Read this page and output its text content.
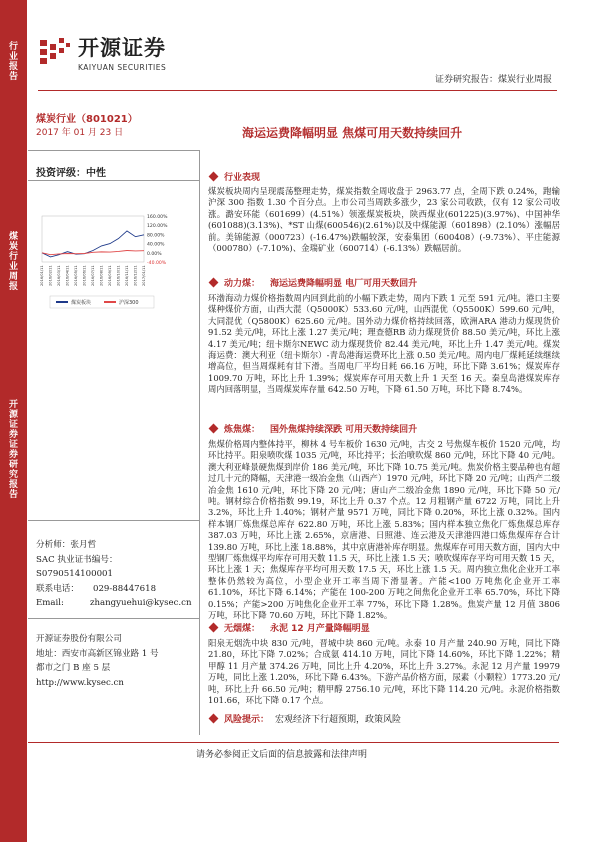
行业报告
煤炭行业周报
开源证券证券研究报告
开源证券
KAIYUAN SECURITIES
证券研究报告：煤炭行业周报
煤炭行业（801021）
2017 年 01 月 23 日	海运运费降幅明显 焦煤可用天数持续回升
投资评级：中性
-40.00%
0.00%
40.00%
80.00%
120.00%
160.00%
2016/01/11 2016/02/11 2016/03/11 2016/04/11 2016/05/11 2016/06/11 2016/07/11 2016/08/11 2016/09/11 2016/10/11 2016/11/11 2016/12/11 2017/01/11
煤炭板块	沪深300
分析师：张月哲
SAC 执业证书编号：
S0790514100001
联系电话： 029-88447618
Email:	zhangyuehui@kysec.cn
开源证券股份有限公司
地址：西安市高新区锦业路 1 号
都市之门 B 座 5 层
http://www.kysec.cn
行业表现
煤炭板块周内呈现震荡整理走势，煤炭指数全周收盘于 2963.77 点，全周下跌 0.24%，跑输沪深 300 指数 1.30 个百分点。上市公司当周跌多涨少，23 家公司收跌，仅有 12 家公司收涨。潞安环能（601699）(4.51%）领涨煤炭板块，陕西煤业(601225)(3.97%)、中国神华(601088)(3.13%)、*ST 山煤(600546)(2.61%)以及中煤能源（601898）(2.10%）涨幅居前。美锦能源（000723）(-16.47%)跌幅较深，安泰集团（600408）(-9.73%）、平庄能源（000780）(-7.10%)、金瑞矿业（600714）(-6.13%）跌幅居前。
动力煤： 海运运费降幅明显 电厂可用天数回升
环渤海动力煤价格指数周内回到此前的小幅下跌走势，周内下跌 1 元至 591 元/吨。港口主要煤种煤价方面，山西大混（Q5000K）533.60 元/吨，山西混优（Q5500K）599.60 元/吨，大同混优（Q5800K）625.60 元/吨。国外动力煤价格持续回落，欧洲ARA 港动力煤现货价 91.52 美元/吨，环比上涨 1.27 美元/吨；理查德RB 动力煤现货价 88.50 美元/吨，环比上涨 4.17 美元/吨；纽卡斯尔NEWC 动力煤现货价 82.44 美元/吨，环比上升 1.47 美元/吨。煤炭海运费：澳大利亚（纽卡斯尔）-青岛港海运费环比上涨 0.50 美元/吨。周内电厂煤耗延续继续增高位，但当周煤耗有甘下滑。当周电厂平均日耗 66.16 万吨，环比下降 3.61%；煤炭库存 1009.70 万吨，环比上升 1.39%；煤炭库存可用天数上升 1 天至 16 天。秦皇岛港煤炭库存周内回落明显，当周煤炭库存量 642.50 万吨，下降 61.50 万吨，环比下降 8.74%。
炼焦煤： 国外焦煤持续深跌 可用天数持续回升
焦煤价格周内整体持平，柳林 4 号车板价 1630 元/吨，古交 2 号焦煤车板价 1520 元/吨，均环比持平。阳泉喷吹煤 1035 元/吨，环比持平；长治喷吹煤 860 元/吨，环比下降 40 元/吨。澳大利亚峰景硬焦煤到岸价 186 美元/吨，环比下降 10.75 美元/吨。焦炭价格主要品种也有超过几十元的降幅，天津港一级冶金焦（山西产）1970 元/吨，环比下降 20 元/吨；山西产二级冶金焦 1610 元/吨，环比下降 20 元/吨；唐山产二级冶金焦 1890 元/吨，环比下降 50 元/吨。钢材综合价格指数 99.19，环比上升 0.37 个点。12 月粗钢产量 6722 万吨，同比上升 3.2%，环比上升 1.40%；钢材产量 9571 万吨，同比下降 0.20%，环比上涨 0.32%。国内样本钢厂炼焦煤总库存 622.80 万吨，环比上涨 5.83%；国内样本独立焦化厂炼焦煤总库存 387.03 万吨，环比上涨 2.65%，京唐港、日照港、连云港及天津港四港口炼焦煤库存合计 139.80 万吨，环比上涨 18.88%，其中京唐港补库存明显。焦煤库存可用天数方面，国内大中型钢厂炼焦煤平均库存可用天数 11.5 天，环比上涨 1.5 天；喷吹煤库存平均可用天数 15 天，环比上涨 1 天；焦煤库存平均可用天数 17.5 天，环比上涨 1.5 天。周内独立焦化企业开工率整体仍然较为高位，小型企业开工率当周下滑显著。产能<100 万吨焦化企业开工率 61.10%，环比下降 6.14%；产能在 100-200 万吨之间焦化企业开工率 65.70%，环比下降 0.15%；产能>200 万吨焦化企业开工率 77%，环比下降 1.28%。焦炭产量 12 月值 3806 万吨，环比下降 70.60 万吨，环比下降 1.82%。
无烟煤： 永泥 12 月产量降幅明显
阳泉无烟洗中块 830 元/吨，晋城中块 860 元/吨。永泰 10 月产量 240.90 万吨，同比下降 21.80，环比下降 7.02%；合成氨 414.10 万吨，同比下降 14.60%，环比下降 1.22%；精甲醇 11 月产量 374.26 万吨，同比上升 4.20%，环比上升 3.27%。永泥 12 月产量 19979 万吨，同比上涨 1.20%，环比下降 6.43%。下游产品价格方面，尿素（小颗粒）1773.20 元/吨，环比上升 66.50 元/吨；精甲醇 2756.10 元/吨，环比下降 114.20 元/吨。永泥价格指数 101.66，环比下降 0.17 个点。
风险提示： 宏观经济下行超预期，政策风险
请务必参阅正文后面的信息披露和法律声明
